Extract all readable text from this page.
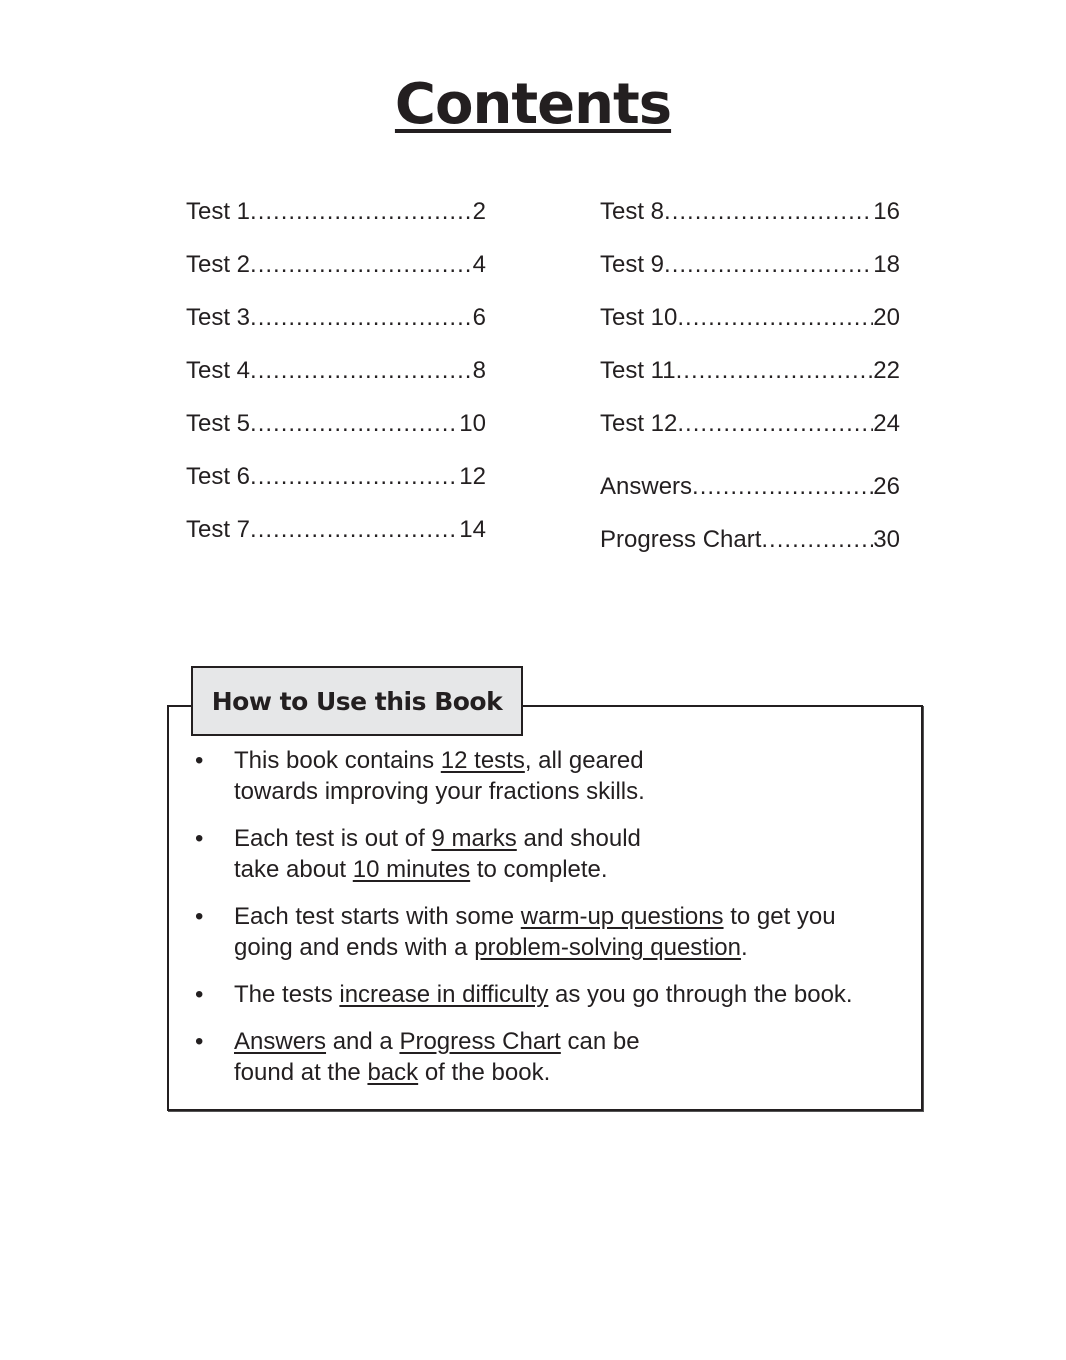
Contents
Test 1 .....	2
Test 2 .....	4
Test 3 .....	6
Test 4 .....	8
Test 5 .....	10
Test 6 .....	12
Test 7 .....	14
Test 8 .....	16
Test 9 .....	18
Test 10 .....	20
Test 11 .....	22
Test 12 .....	24
Answers .....	26
Progress Chart .....	30
How to Use this Book
•	This book contains 12 tests, all geared
towards improving your fractions skills.
•	Each test is out of 9 marks and should
take about 10 minutes to complete.
•	Each test starts with some warm-up questions to get you
going and ends with a problem-solving question.
•	The tests increase in difficulty as you go through the book.
•	Answers and a Progress Chart can be
found at the back of the book.
